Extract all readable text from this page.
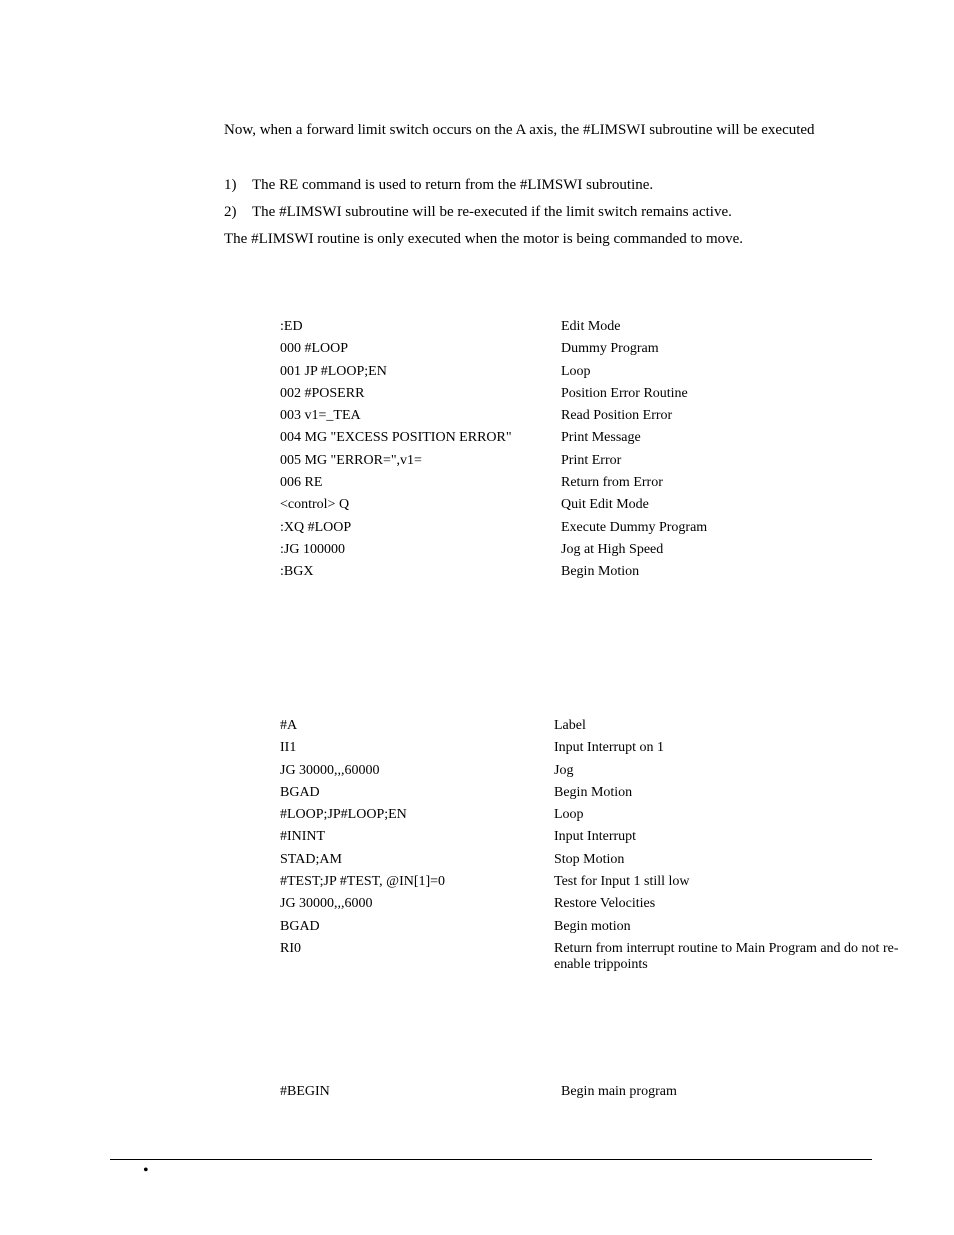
Now, when a forward limit switch occurs on the A axis, the #LIMSWI subroutine will be executed
1)	The RE command is used to return from the #LIMSWI subroutine.
2)	The #LIMSWI subroutine will be re-executed if the limit switch remains active.
The #LIMSWI routine is only executed when the motor is being commanded to move.
:ED	Edit Mode
000 #LOOP	Dummy Program
001 JP #LOOP;EN	Loop
002 #POSERR	Position Error Routine
003 v1=_TEA	Read Position Error
004 MG "EXCESS POSITION ERROR"	Print Message
005 MG "ERROR=",v1=	Print Error
006 RE	Return from Error
<control> Q	Quit Edit Mode
:XQ #LOOP	Execute Dummy Program
:JG 100000	Jog at High Speed
:BGX	Begin Motion
#A	Label
II1	Input Interrupt on 1
JG 30000,,,60000	Jog
BGAD	Begin Motion
#LOOP;JP#LOOP;EN	Loop
#ININT	Input Interrupt
STAD;AM	Stop Motion
#TEST;JP #TEST, @IN[1]=0	Test for Input 1 still low
JG 30000,,,6000	Restore Velocities
BGAD	Begin motion
RI0	Return from interrupt routine to Main Program and do not re-enable trippoints
#BEGIN	Begin main program
•
